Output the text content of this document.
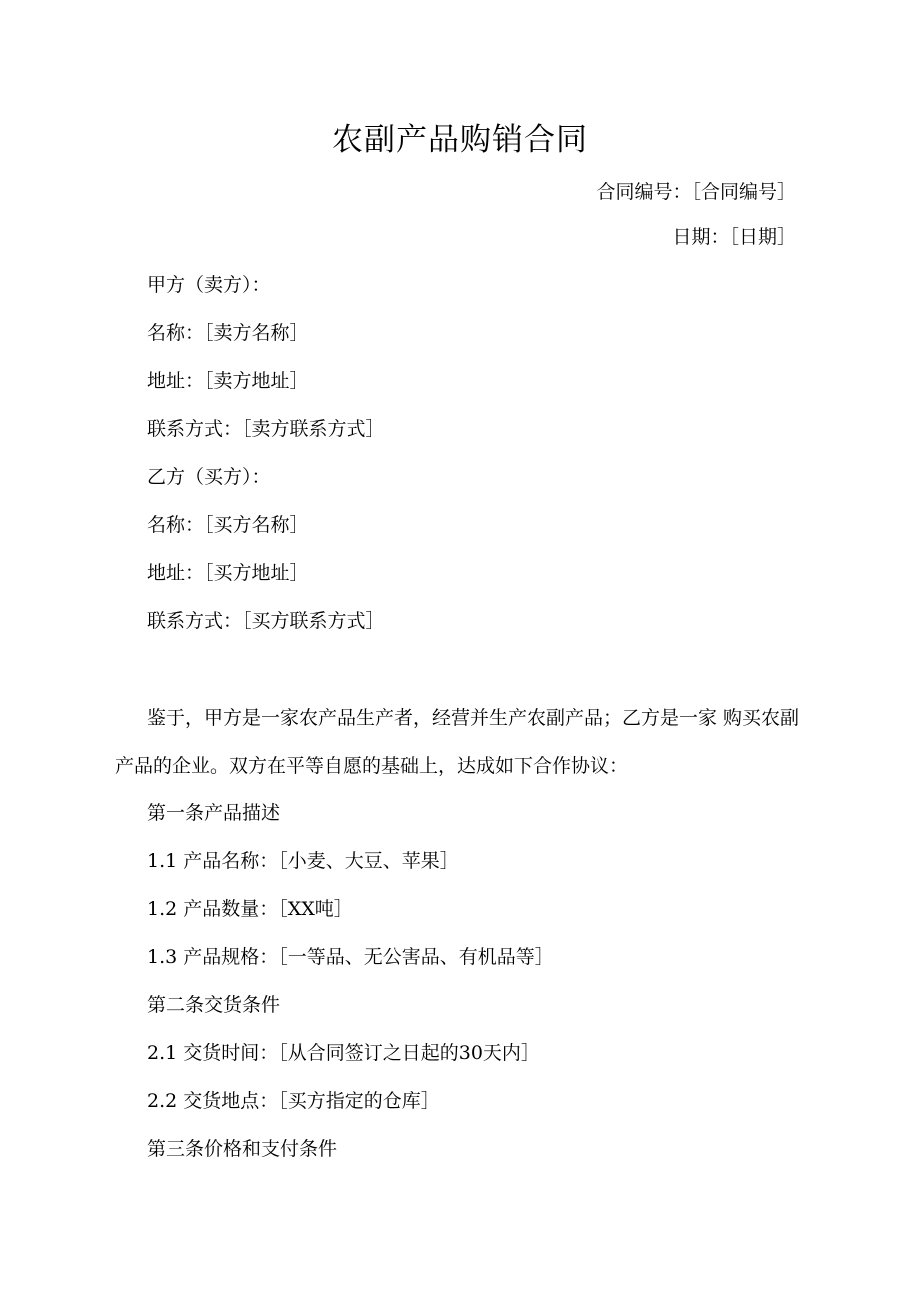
农副产品购销合同
合同编号：［合同编号］
日期：［日期］
甲方（卖方）：
名称：［卖方名称］
地址：［卖方地址］
联系方式：［卖方联系方式］
乙方（买方）：
名称：［买方名称］
地址：［买方地址］
联系方式：［买方联系方式］

鉴于，甲方是一家农产品生产者，经营并生产农副产品；乙方是一家 购买农副产品的企业。双方在平等自愿的基础上，达成如下合作协议：

第一条产品描述
1.1 产品名称：［小麦、大豆、苹果］
1.2 产品数量：［XX吨］
1.3 产品规格：［一等品、无公害品、有机品等］
第二条交货条件
2.1 交货时间：［从合同签订之日起的30天内］
2.2 交货地点：［买方指定的仓库］
第三条价格和支付条件
